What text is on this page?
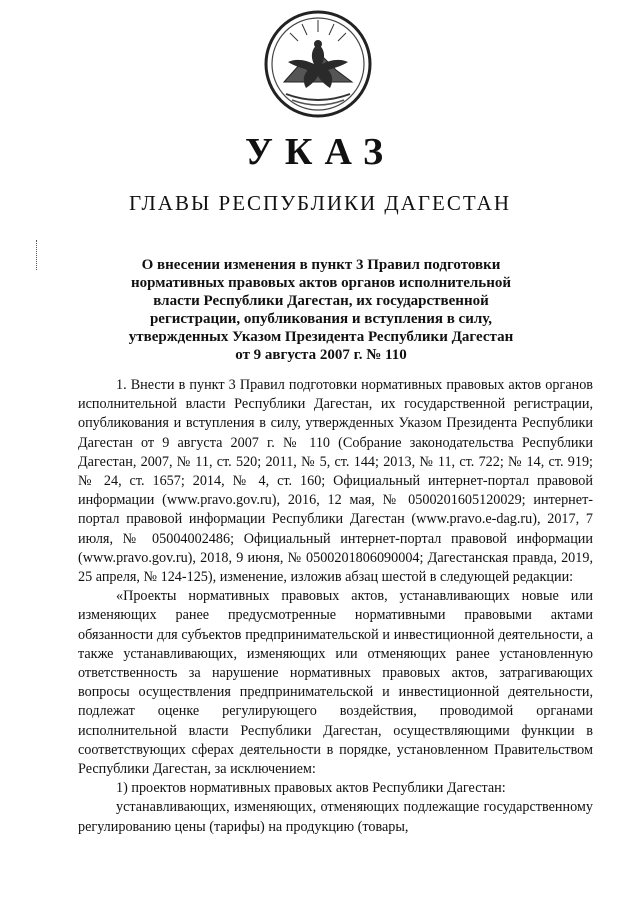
УКАЗ
ГЛАВЫ РЕСПУБЛИКИ ДАГЕСТАН
О внесении изменения в пункт 3 Правил подготовки
нормативных правовых актов органов исполнительной
власти Республики Дагестан, их государственной
регистрации, опубликования и вступления в силу,
утвержденных Указом Президента Республики Дагестан
от 9 августа 2007 г. № 110

1. Внести в пункт 3 Правил подготовки нормативных правовых актов органов исполнительной власти Республики Дагестан, их государственной регистрации, опубликования и вступления в силу, утвержденных Указом Президента Республики Дагестан от 9 августа 2007 г. № 110 (Собрание законодательства Республики Дагестан, 2007, № 11, ст. 520; 2011, № 5, ст. 144; 2013, № 11, ст. 722; № 14, ст. 919; № 24, ст. 1657; 2014, № 4, ст. 160; Официальный интернет-портал правовой информации (www.pravo.gov.ru), 2016, 12 мая, № 0500201605120029; интернет-портал правовой информации Республики Дагестан (www.pravo.e-dag.ru), 2017, 7 июля, № 05004002486; Официальный интернет-портал правовой информации (www.pravo.gov.ru), 2018, 9 июня, № 0500201806090004; Дагестанская правда, 2019, 25 апреля, № 124-125), изменение, изложив абзац шестой в следующей редакции:

«Проекты нормативных правовых актов, устанавливающих новые или изменяющих ранее предусмотренные нормативными правовыми актами обязанности для субъектов предпринимательской и инвестиционной деятельности, а также устанавливающих, изменяющих или отменяющих ранее установленную ответственность за нарушение нормативных правовых актов, затрагивающих вопросы осуществления предпринимательской и инвестиционной деятельности, подлежат оценке регулирующего воздействия, проводимой органами исполнительной власти Республики Дагестан, осуществляющими функции в соответствующих сферах деятельности в порядке, установленном Правительством Республики Дагестан, за исключением:

1) проектов нормативных правовых актов Республики Дагестан:

устанавливающих, изменяющих, отменяющих подлежащие государственному регулированию цены (тарифы) на продукцию (товары,
